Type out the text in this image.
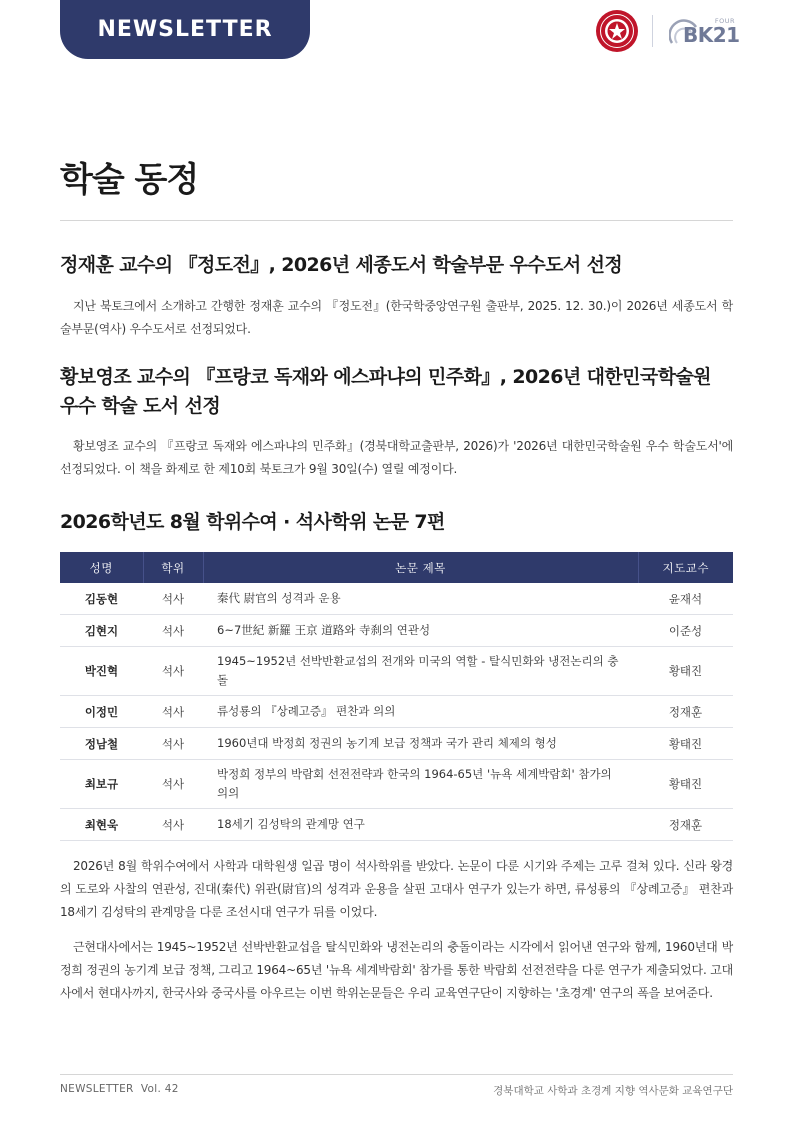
NEWSLETTER	FOUR
BK21
학술 동정
정재훈 교수의 『정도전』, 2026년 세종도서 학술부문 우수도서 선정

지난 북토크에서 소개하고 간행한 정재훈 교수의 『정도전』(한국학중앙연구원 출판부, 2025. 12. 30.)이 2026년 세종도서 학술부문(역사) 우수도서로 선정되었다.

황보영조 교수의 『프랑코 독재와 에스파냐의 민주화』, 2026년 대한민국학술원 우수 학술 도서 선정

황보영조 교수의 『프랑코 독재와 에스파냐의 민주화』(경북대학교출판부, 2026)가 '2026년 대한민국학술원 우수 학술도서'에 선정되었다. 이 책을 화제로 한 제10회 북토크가 9월 30일(수) 열릴 예정이다.

2026학년도 8월 학위수여 · 석사학위 논문 7편
성명	학위	논문 제목	지도교수
김동현	석사	秦代 尉官의 성격과 운용	윤재석
김현지	석사	6~7世紀 新羅 王京 道路와 寺刹의 연관성	이준성
박진혁	석사	1945~1952년 선박반환교섭의 전개와 미국의 역할 - 탈식민화와 냉전논리의 충돌	황태진
이정민	석사	류성룡의 『상례고증』 편찬과 의의	정재훈
정남철	석사	1960년대 박정희 정권의 농기계 보급 정책과 국가 관리 체제의 형성	황태진
최보규	석사	박정희 정부의 박람회 선전전략과 한국의 1964-65년 '뉴욕 세계박람회' 참가의 의의	황태진
최현욱	석사	18세기 김성탁의 관계망 연구	정재훈

2026년 8월 학위수여에서 사학과 대학원생 일곱 명이 석사학위를 받았다. 논문이 다룬 시기와 주제는 고루 걸쳐 있다. 신라 왕경의 도로와 사찰의 연관성, 진대(秦代) 위관(尉官)의 성격과 운용을 살핀 고대사 연구가 있는가 하면, 류성룡의 『상례고증』 편찬과 18세기 김성탁의 관계망을 다룬 조선시대 연구가 뒤를 이었다.

근현대사에서는 1945~1952년 선박반환교섭을 탈식민화와 냉전논리의 충돌이라는 시각에서 읽어낸 연구와 함께, 1960년대 박정희 정권의 농기계 보급 정책, 그리고 1964~65년 '뉴욕 세계박람회' 참가를 통한 박람회 선전전략을 다룬 연구가 제출되었다. 고대사에서 현대사까지, 한국사와 중국사를 아우르는 이번 학위논문들은 우리 교육연구단이 지향하는 '초경계' 연구의 폭을 보여준다.

NEWSLETTER  Vol. 42	경북대학교 사학과 초경계 지향 역사문화 교육연구단
